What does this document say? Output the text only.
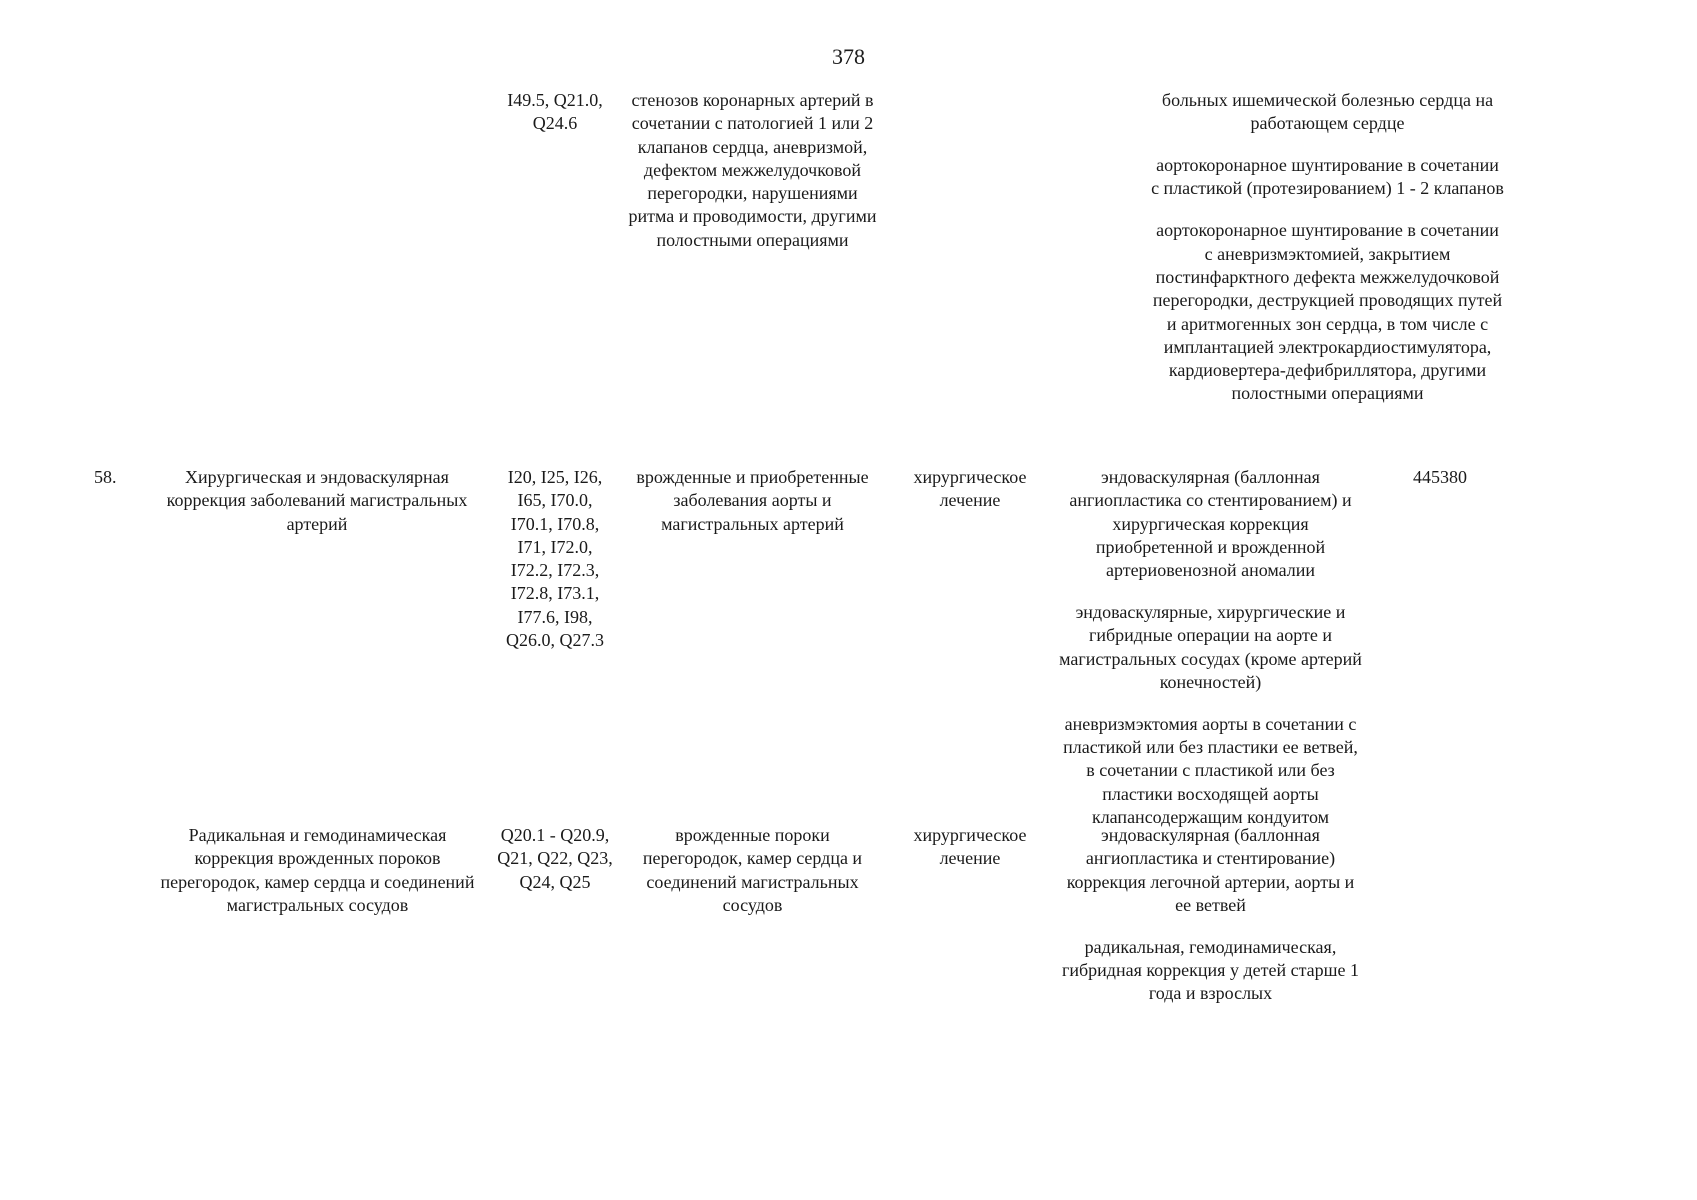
378
I49.5, Q21.0, Q24.6
стенозов коронарных артерий в сочетании с патологией 1 или 2 клапанов сердца, аневризмой, дефектом межжелудочковой перегородки, нарушениями ритма и проводимости, другими полостными операциями
больных ишемической болезнью сердца на работающем сердце
аортокоронарное шунтирование в сочетании с пластикой (протезированием) 1 - 2 клапанов
аортокоронарное шунтирование в сочетании с аневризмэктомией, закрытием постинфарктного дефекта межжелудочковой перегородки, деструкцией проводящих путей и аритмогенных зон сердца, в том числе с имплантацией электрокардиостимулятора, кардиовертера-дефибриллятора, другими полостными операциями
58.	Хирургическая и эндоваскулярная коррекция заболеваний магистральных артерий
I20, I25, I26, I65, I70.0, I70.1, I70.8, I71, I72.0, I72.2, I72.3, I72.8, I73.1, I77.6, I98, Q26.0, Q27.3
врожденные и приобретенные заболевания аорты и магистральных артерий
хирургическое лечение
эндоваскулярная (баллонная ангиопластика со стентированием) и хирургическая коррекция приобретенной и врожденной артериовенозной аномалии
эндоваскулярные, хирургические и гибридные операции на аорте и магистральных сосудах (кроме артерий конечностей)
аневризмэктомия аорты в сочетании с пластикой или без пластики ее ветвей, в сочетании с пластикой или без пластики восходящей аорты клапансодержащим кондуитом
445380
Радикальная и гемодинамическая коррекция врожденных пороков перегородок, камер сердца и соединений магистральных сосудов
Q20.1 - Q20.9, Q21, Q22, Q23, Q24, Q25
врожденные пороки перегородок, камер сердца и соединений магистральных сосудов
хирургическое лечение
эндоваскулярная (баллонная ангиопластика и стентирование) коррекция легочной артерии, аорты и ее ветвей
радикальная, гемодинамическая, гибридная коррекция у детей старше 1 года и взрослых
